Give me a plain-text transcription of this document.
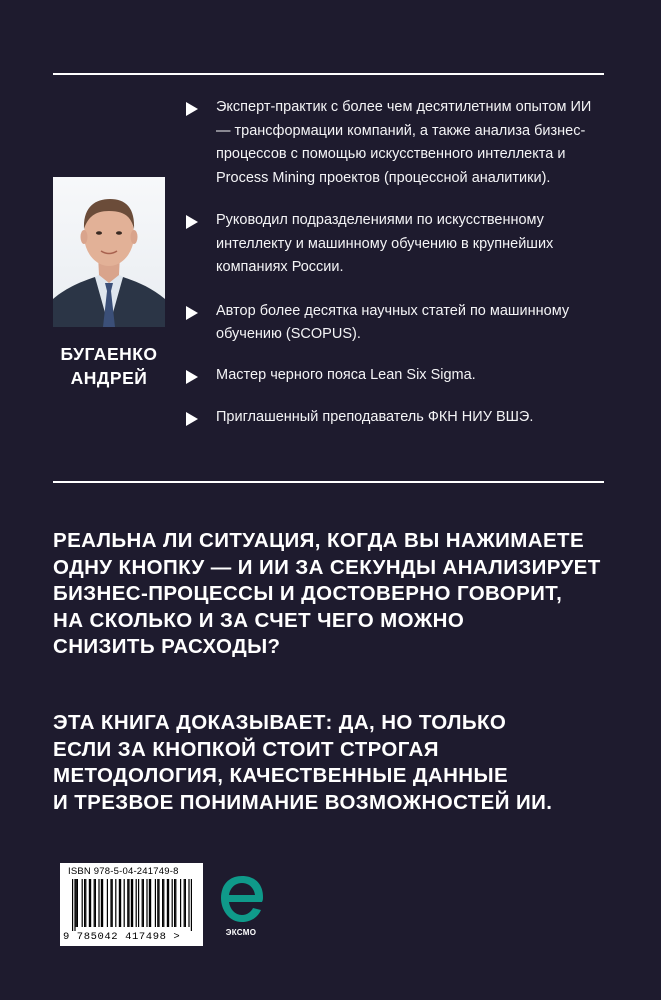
БУГАЕНКО
АНДРЕЙ
Эксперт-практик с более чем десятилетним опытом ИИ — трансформации компаний, а также анализа бизнес-процессов с помощью искусственного интеллекта и Process Mining проектов (процессной аналитики).
Руководил подразделениями по искусственному интеллекту и машинному обучению в крупнейших компаниях России.
Автор более десятка научных статей по машинному обучению (SCOPUS).
Мастер черного пояса Lean Six Sigma.
Приглашенный преподаватель ФКН НИУ ВШЭ.

РЕАЛЬНА ЛИ СИТУАЦИЯ, КОГДА ВЫ НАЖИМАЕТЕ
ОДНУ КНОПКУ — И ИИ ЗА СЕКУНДЫ АНАЛИЗИРУЕТ
БИЗНЕС-ПРОЦЕССЫ И ДОСТОВЕРНО ГОВОРИТ,
НА СКОЛЬКО И ЗА СЧЕТ ЧЕГО МОЖНО
СНИЗИТЬ РАСХОДЫ?

ЭТА КНИГА ДОКАЗЫВАЕТ: ДА, НО ТОЛЬКО
ЕСЛИ ЗА КНОПКОЙ СТОИТ СТРОГАЯ
МЕТОДОЛОГИЯ, КАЧЕСТВЕННЫЕ ДАННЫЕ
И ТРЕЗВОЕ ПОНИМАНИЕ ВОЗМОЖНОСТЕЙ ИИ.

ISBN 978-5-04-241749-8
9 785042 417498 >	ЭКСМО
